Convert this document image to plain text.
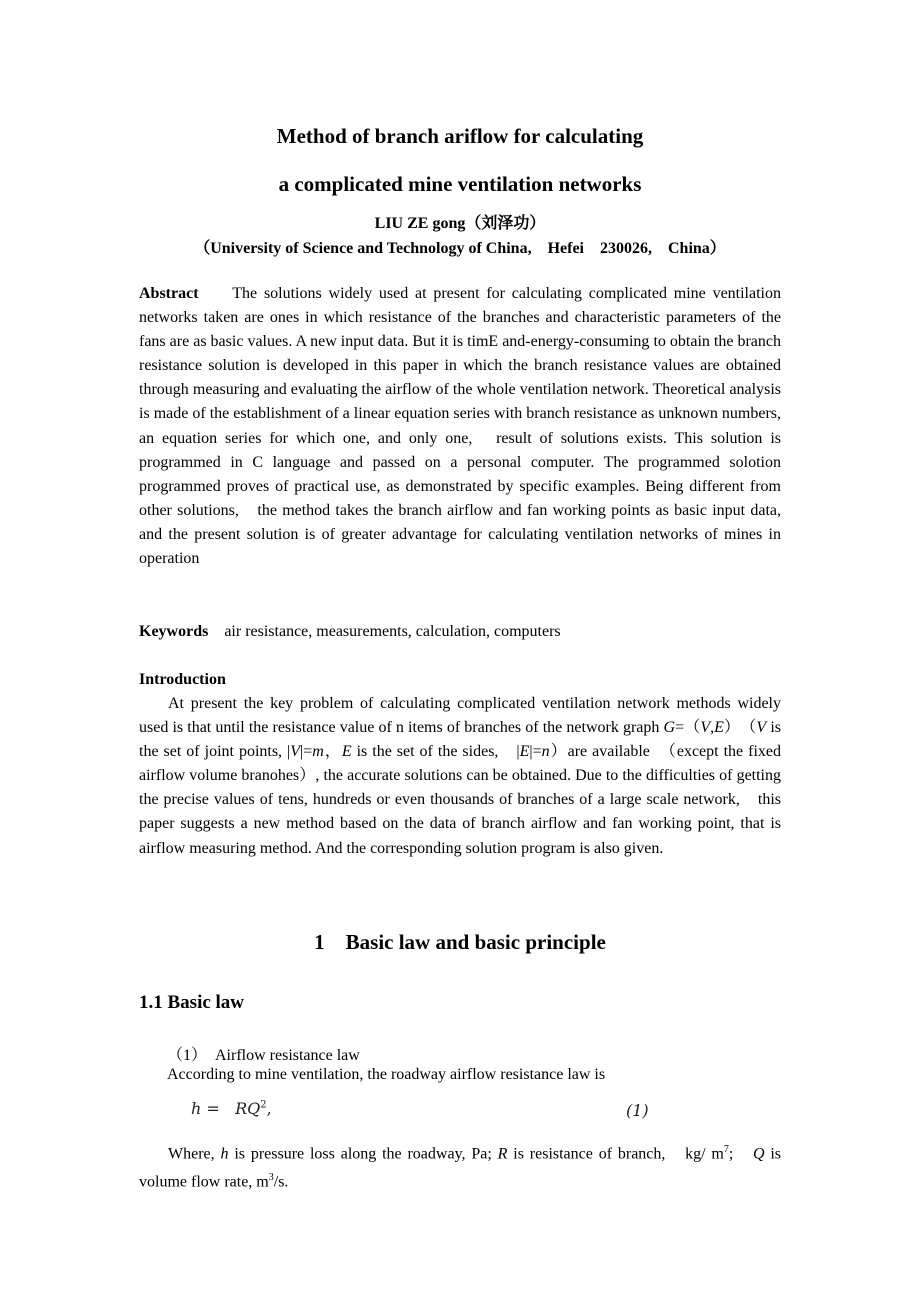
Method of branch ariflow for calculating
a complicated mine ventilation networks
LIU ZE gong（刘泽功）
（University of Science and Technology of China,　Hefei　230026,　China）
Abstract The solutions widely used at present for calculating complicated mine ventilation networks taken are ones in which resistance of the branches and characteristic parameters of the fans are as basic values. A new input data. But it is timE and-energy-consuming to obtain the branch resistance solution is developed in this paper in which the branch resistance values are obtained through measuring and evaluating the airflow of the whole ventilation network. Theoretical analysis is made of the establishment of a linear equation series with branch resistance as unknown numbers, an equation series for which one, and only one,　result of solutions exists. This solution is programmed in C language and passed on a personal computer. The programmed solotion programmed proves of practical use, as demonstrated by specific examples. Being different from other solutions,　the method takes the branch airflow and fan working points as basic input data, and the present solution is of greater advantage for calculating ventilation networks of mines in operation
Keywords air resistance, measurements, calculation, computers
Introduction
At present the key problem of calculating complicated ventilation network methods widely used is that until the resistance value of n items of branches of the network graph G=（V,E）　（V is the set of joint points, |V|=m，E is the set of the sides,　|E|=n）are available　（except the fixed airflow volume branohes）, the accurate solutions can be obtained. Due to the difficulties of getting the precise values of tens, hundreds or even thousands of branches of a large scale network,　this paper suggests a new method based on the data of branch airflow and fan working point, that is airflow measuring method. And the corresponding solution program is also given.
1 Basic law and basic principle
1.1 Basic law
（1）　Airflow resistance law
According to mine ventilation, the roadway airflow resistance law is
$h = RQ^2$,	(1)
Where, h is pressure loss along the roadway, Pa; R is resistance of branch,　kg/ $m^7$;　Q is volume flow rate, $m^3/s$.
